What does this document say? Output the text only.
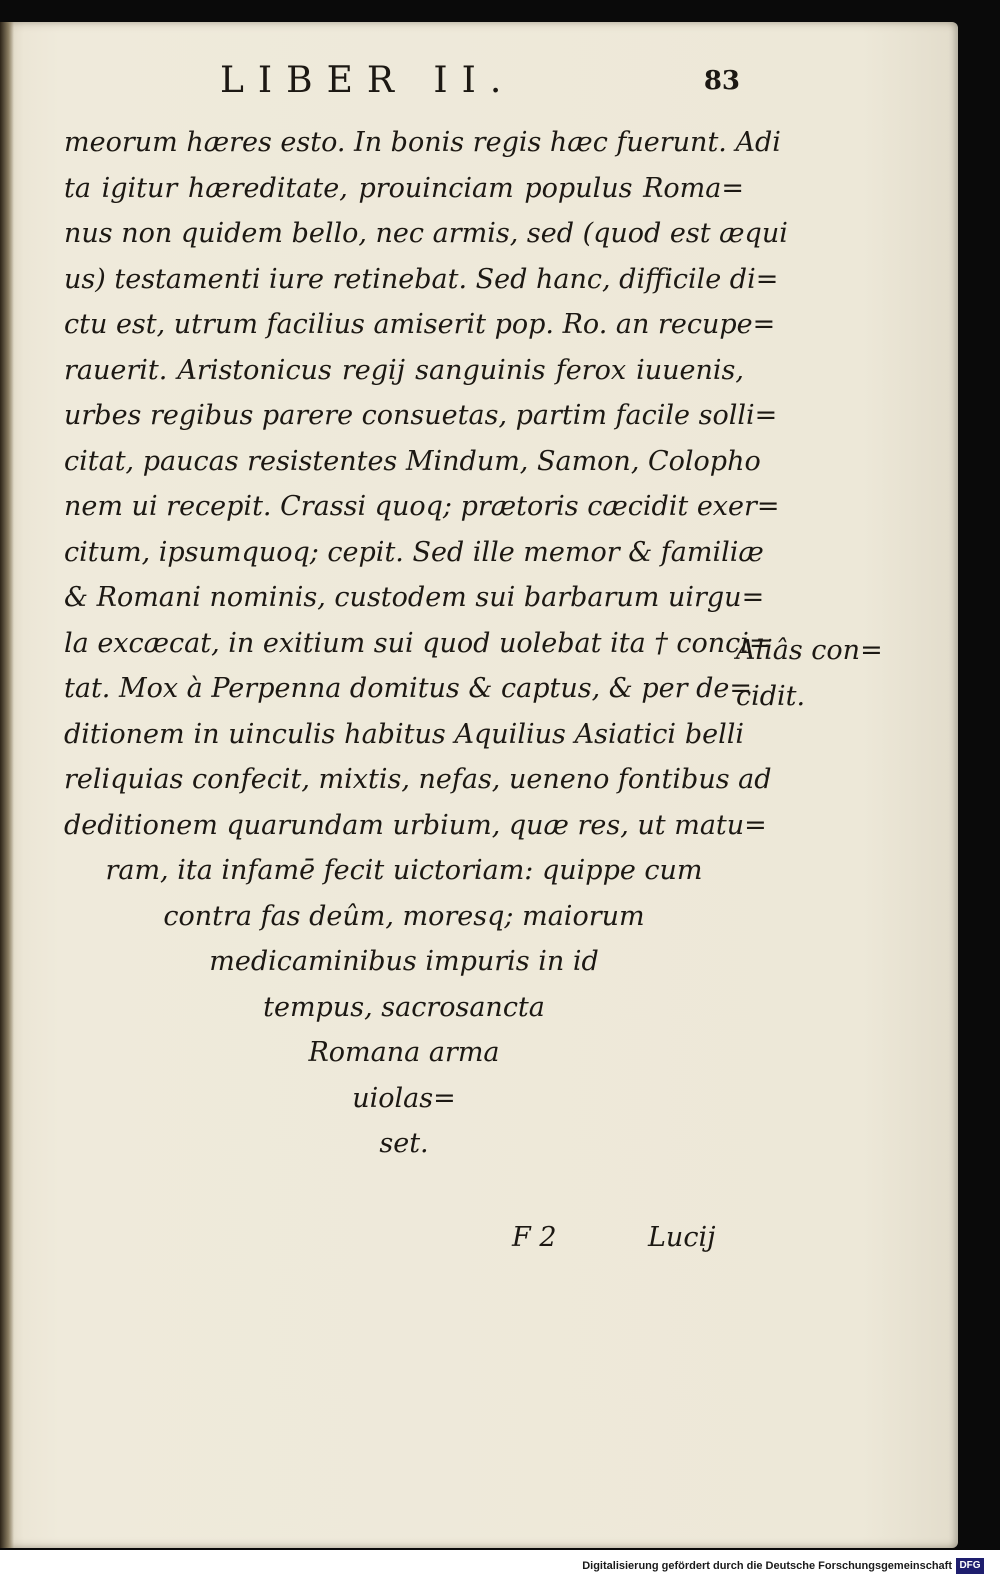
LIBER II.	83
meorum hæres esto. In bonis regis hæc fuerunt. Adi
ta igitur hæreditate, prouinciam populus Roma=
nus non quidem bello, nec armis, sed (quod est æqui
us) testamenti iure retinebat. Sed hanc, difficile di=
ctu est, utrum facilius amiserit pop. Ro. an recupe=
rauerit. Aristonicus regij sanguinis ferox iuuenis,
urbes regibus parere consuetas, partim facile solli=
citat, paucas resistentes Mindum, Samon, Colopho
nem ui recepit. Crassi quoq; prætoris cæcidit exer=
citum, ipsumquoq; cepit. Sed ille memor & familiæ
& Romani nominis, custodem sui barbarum uirgu=
la excæcat, in exitium sui quod uolebat ita † conci=
tat. Mox à Perpenna domitus & captus, & per de=
ditionem in uinculis habitus Aquilius Asiatici belli
reliquias confecit, mixtis, nefas, ueneno fontibus ad
deditionem quarundam urbium, quæ res, ut matu=
ram, ita infamē fecit uictoriam: quippe cum
contra fas deûm, moresq; maiorum
medicaminibus impuris in id
tempus, sacrosancta
Romana arma
uiolas=
set.
Aliâs con=
cidit.
F 2	Lucij
Digitalisierung gefördert durch die Deutsche Forschungsgemeinschaft DFG
